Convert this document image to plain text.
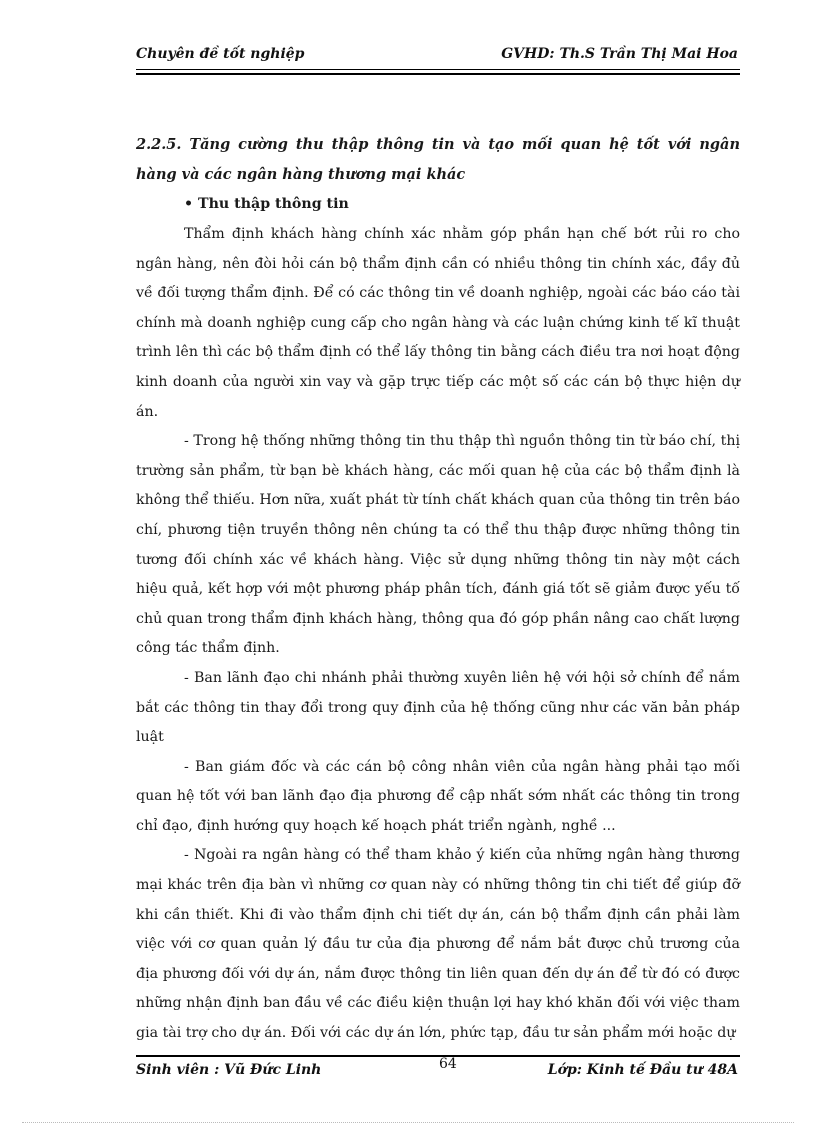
Chuyên đề tốt nghiệp	GVHD: Th.S Trần Thị Mai Hoa
2.2.5. Tăng cường thu thập thông tin và tạo mối quan hệ tốt với ngân hàng và các ngân hàng thương mại khác
• Thu thập thông tin

Thẩm định khách hàng chính xác nhằm góp phần hạn chế bớt rủi ro cho ngân hàng, nên đòi hỏi cán bộ thẩm định cần có nhiều thông tin chính xác, đầy đủ về đối tượng thẩm định. Để có các thông tin về doanh nghiệp, ngoài các báo cáo tài chính mà doanh nghiệp cung cấp cho ngân hàng và các luận chứng kinh tế kĩ thuật trình lên thì các bộ thẩm định có thể lấy thông tin bằng cách điều tra nơi hoạt động kinh doanh của người xin vay và gặp trực tiếp các một số các cán bộ thực hiện dự án.

- Trong hệ thống những thông tin thu thập thì nguồn thông tin từ báo chí, thị trường sản phẩm, từ bạn bè khách hàng, các mối quan hệ của các bộ thẩm định là không thể thiếu. Hơn nữa, xuất phát từ tính chất khách quan của thông tin trên báo chí, phương tiện truyền thông nên chúng ta có thể thu thập được những thông tin tương đối chính xác về khách hàng. Việc sử dụng những thông tin này một cách hiệu quả, kết hợp với một phương pháp phân tích, đánh giá tốt sẽ giảm được yếu tố chủ quan trong thẩm định khách hàng, thông qua đó góp phần nâng cao chất lượng công tác thẩm định.

- Ban lãnh đạo chi nhánh phải thường xuyên liên hệ với hội sở chính để nắm bắt các thông tin thay đổi trong quy định của hệ thống cũng như các văn bản pháp luật

- Ban giám đốc và các cán bộ công nhân viên của ngân hàng phải tạo mối quan hệ tốt với ban lãnh đạo địa phương để cập nhất sớm nhất các thông tin trong chỉ đạo, định hướng quy hoạch kế hoạch phát triển ngành, nghề ...

- Ngoài ra ngân hàng có thể tham khảo ý kiến của những ngân hàng thương mại khác trên địa bàn vì những cơ quan này có những thông tin chi tiết để giúp đỡ khi cần thiết. Khi đi vào thẩm định chi tiết dự án, cán bộ thẩm định cần phải làm việc với cơ quan quản lý đầu tư của địa phương để nắm bắt được chủ trương của địa phương đối với dự án, nắm được thông tin liên quan đến dự án để từ đó có được những nhận định ban đầu về các điều kiện thuận lợi hay khó khăn đối với việc tham gia tài trợ cho dự án. Đối với các dự án lớn, phức tạp, đầu tư sản phẩm mới hoặc dự

Sinh viên : Vũ Đức Linh	64	Lớp: Kinh tế Đầu tư 48A
